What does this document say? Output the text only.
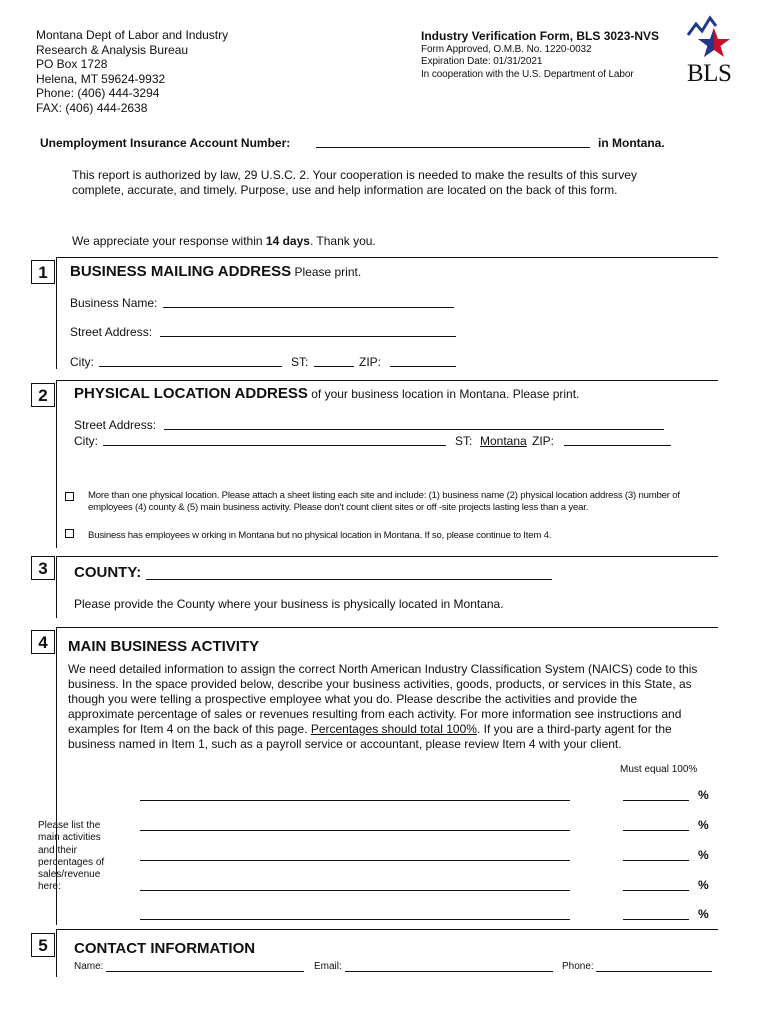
Montana Dept of Labor and Industry
Research & Analysis Bureau
PO Box 1728
Helena, MT 59624-9932
Phone: (406) 444-3294
FAX: (406) 444-2638
Industry Verification Form, BLS 3023-NVS
Form Approved, O.M.B. No. 1220-0032
Expiration Date: 01/31/2021
In cooperation with the U.S. Department of Labor	BLS
Unemployment Insurance Account Number:	in Montana.
This report is authorized by law, 29 U.S.C. 2. Your cooperation is needed to make the results of this survey complete, accurate, and timely. Purpose, use and help information are located on the back of this form.
We appreciate your response within 14 days. Thank you.
1	BUSINESS MAILING ADDRESS Please print.
Business Name:
Street Address:
City:	ST:	ZIP:
2	PHYSICAL LOCATION ADDRESS of your business location in Montana. Please print.
Street Address:
City:	ST: Montana ZIP:
More than one physical location. Please attach a sheet listing each site and include: (1) business name (2) physical location address (3) number of employees (4) county & (5) main business activity. Please don't count client sites or off -site projects lasting less than a year.
Business has employees w orking in Montana but no physical location in Montana. If so, please continue to Item 4.
3	COUNTY:
Please provide the County where your business is physically located in Montana.
4	MAIN BUSINESS ACTIVITY
We need detailed information to assign the correct North American Industry Classification System (NAICS) code to this business. In the space provided below, describe your business activities, goods, products, or services in this State, as though you were telling a prospective employee what you do. Please describe the activities and provide the approximate percentage of sales or revenues resulting from each activity. For more information see instructions and examples for Item 4 on the back of this page. Percentages should total 100%. If you are a third-party agent for the business named in Item 1, such as a payroll service or accountant, please review Item 4 with your client.
Must equal 100%
Please list the main activities and their percentages of sales/revenue here:
%
%
%
%
%
5	CONTACT INFORMATION
Name:	Email:	Phone:
